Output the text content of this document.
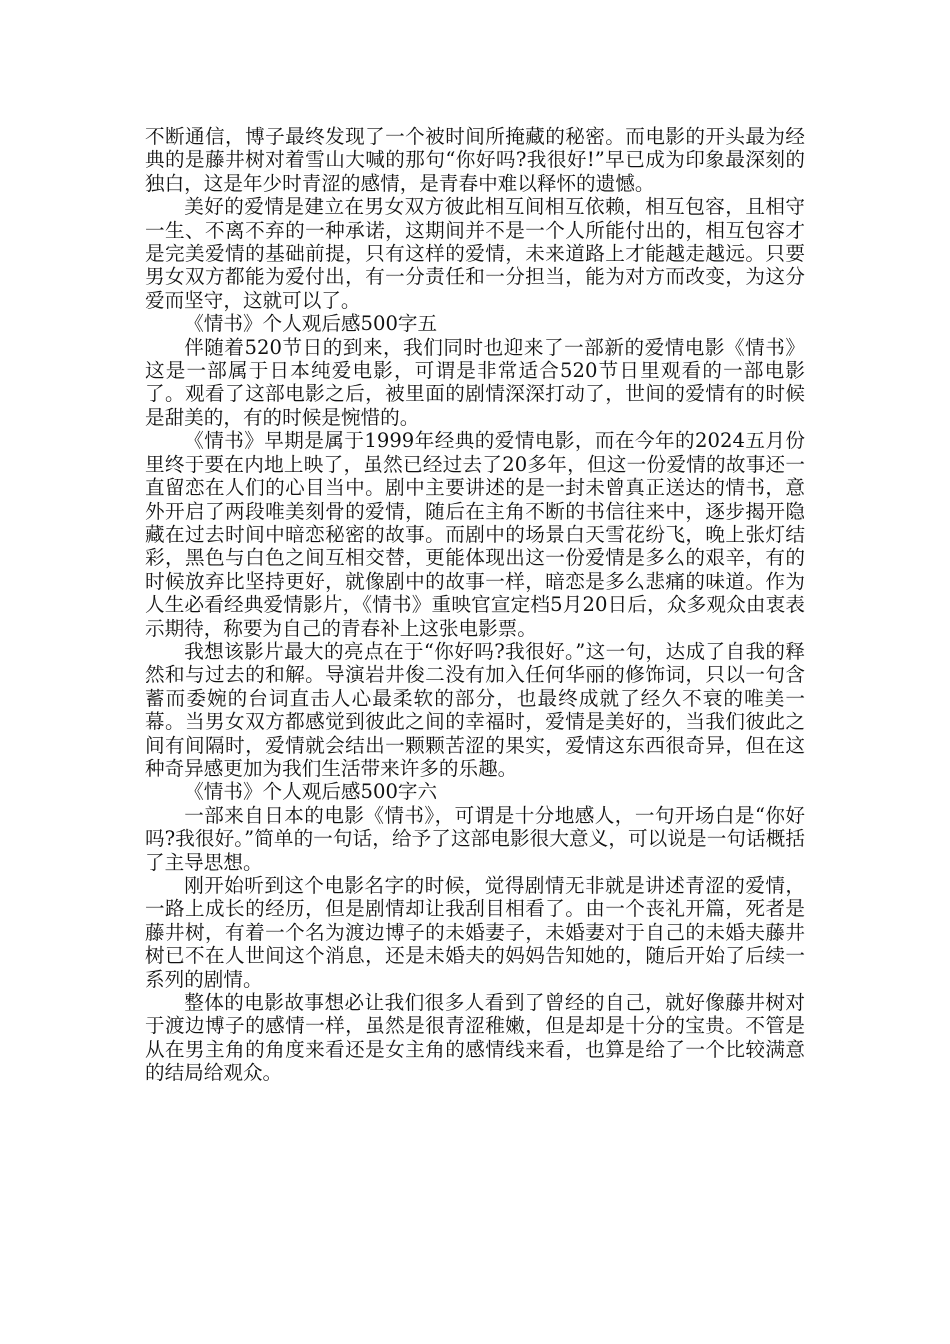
不断通信，博子最终发现了一个被时间所掩藏的秘密。而电影的开头最为经典的是藤井树对着雪山大喊的那句“你好吗?我很好!”早已成为印象最深刻的独白，这是年少时青涩的感情，是青春中难以释怀的遗憾。

美好的爱情是建立在男女双方彼此相互间相互依赖，相互包容，且相守一生、不离不弃的一种承诺，这期间并不是一个人所能付出的，相互包容才是完美爱情的基础前提，只有这样的爱情，未来道路上才能越走越远。只要男女双方都能为爱付出，有一分责任和一分担当，能为对方而改变，为这分爱而坚守，这就可以了。

《情书》个人观后感500字五

伴随着520节日的到来，我们同时也迎来了一部新的爱情电影《情书》这是一部属于日本纯爱电影，可谓是非常适合520节日里观看的一部电影了。观看了这部电影之后，被里面的剧情深深打动了，世间的爱情有的时候是甜美的，有的时候是惋惜的。

《情书》早期是属于1999年经典的爱情电影，而在今年的2024五月份里终于要在内地上映了，虽然已经过去了20多年，但这一份爱情的故事还一直留恋在人们的心目当中。剧中主要讲述的是一封未曾真正送达的情书，意外开启了两段唯美刻骨的爱情，随后在主角不断的书信往来中，逐步揭开隐藏在过去时间中暗恋秘密的故事。而剧中的场景白天雪花纷飞，晚上张灯结彩，黑色与白色之间互相交替，更能体现出这一份爱情是多么的艰辛，有的时候放弃比坚持更好，就像剧中的故事一样，暗恋是多么悲痛的味道。作为人生必看经典爱情影片，《情书》重映官宣定档5月20日后，众多观众由衷表示期待，称要为自己的青春补上这张电影票。

我想该影片最大的亮点在于“你好吗?我很好。”这一句，达成了自我的释然和与过去的和解。导演岩井俊二没有加入任何华丽的修饰词，只以一句含蓄而委婉的台词直击人心最柔软的部分，也最终成就了经久不衰的唯美一幕。当男女双方都感觉到彼此之间的幸福时，爱情是美好的，当我们彼此之间有间隔时，爱情就会结出一颗颗苦涩的果实，爱情这东西很奇异，但在这种奇异感更加为我们生活带来许多的乐趣。

《情书》个人观后感500字六

一部来自日本的电影《情书》，可谓是十分地感人，一句开场白是“你好吗?我很好。”简单的一句话，给予了这部电影很大意义，可以说是一句话概括了主导思想。

刚开始听到这个电影名字的时候，觉得剧情无非就是讲述青涩的爱情，一路上成长的经历，但是剧情却让我刮目相看了。由一个丧礼开篇，死者是藤井树，有着一个名为渡边博子的未婚妻子，未婚妻对于自己的未婚夫藤井树已不在人世间这个消息，还是未婚夫的妈妈告知她的，随后开始了后续一系列的剧情。

整体的电影故事想必让我们很多人看到了曾经的自己，就好像藤井树对于渡边博子的感情一样，虽然是很青涩稚嫩，但是却是十分的宝贵。不管是从在男主角的角度来看还是女主角的感情线来看，也算是给了一个比较满意的结局给观众。
